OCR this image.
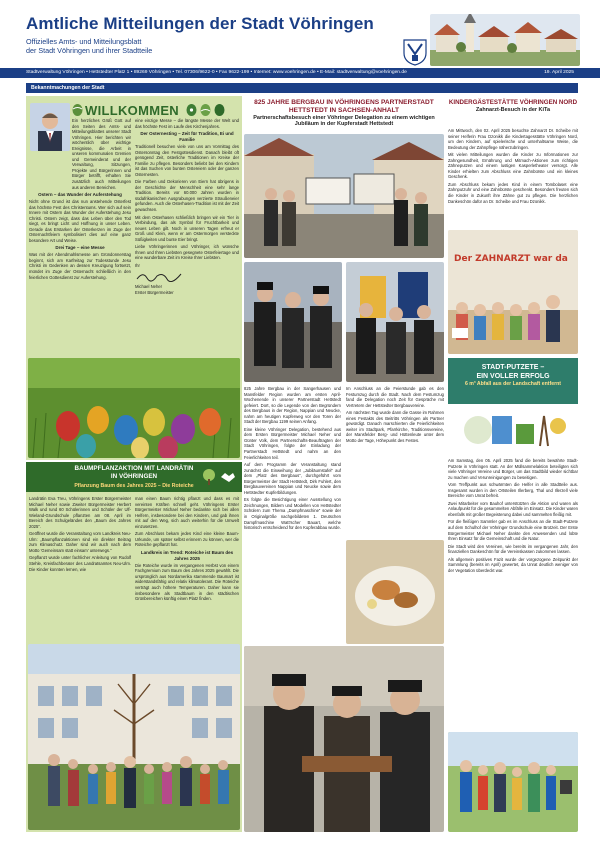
Amtliche Mitteilungen der Stadt Vöhringen
Offizielles Amts- und Mitteilungsblatt
der Stadt Vöhringen und ihrer Stadtteile
Stadtverwaltung Vöhringen • Hettstedter Platz 1 • 89269 Vöhringen • Tel. 07306/9622-0 • Fax 9622-199 • Internet: www.voehringen.de • E-Mail: stadtverwaltung@voehringen.de	19. April 2025
Bekanntmachungen der Stadt
WILLKOMMEN

Ein herzliches Grüß Gott auf den Seiten des Amts- und Mitteilungsblattes unserer Stadt Vöhringen. Hier berichten wir wöchentlich über wichtige Ereignisse, die Arbeit in unseren kommunalen Gremien und Gemeinderat und der Verwaltung, Sitzungen, Projekte und Bürgerinnen und Bürger betrifft, erhalten Sie zusätzlich auch Mitteilungen aus anderen Bereichen.

Ostern – das Wunder der Auferstehung

Nicht ohne Grund ist das nun anstehende Osterfest das höchste Fest des Christentums. Wer sich auf sein Innere mit Ostern das Wunder der Auferstehung Jesu Christi. Ostern zeigt, dass das Leben über den Tod siegt, es bringt Licht und Hoffnung in unser Leben. Gerade das Erstarken der Osterkerzen im Zuge der Osternachtfeiern symbolisiert dies auf eine ganz besondere Art und Weise.

Drei Tage – eine Messe

Was mit der Abendmahlsmesse am Gründonnerstag beginnt, sich am Karfreitag zur Todesstunde Jesu Christi im Gedenken an dessen Kreuzigung fortsetzt, mündet im Zuge der Osternacht schließlich in den feierlichen Gottesdienst zur Auferstehung.

eine einzige Messe – die längste Messe der Welt und das höchste Fest im Laufe des Kirchenjahres.

Der Osternesting – Zeit für Tradition, Ei und Familie

Traditionell besuchen viele von uns am Vormittag des Ostersonntag den Festgottesdienst. Danach bleibt oft genügend Zeit, österliche Traditionen im Kreise der Familie zu pflegen. Besonders beliebt bei den Kindern ist das Suchen von bunten Ostereiern oder der ganzen Osternesten.

Die Farben und Dekorieren von Eiern hat übrigens in der Geschichte der Menschheit eine sehr lange Tradition. Bereits vor 60.000 Jahren wurden in südafrikanischen Ausgrabungen verzierte Straußeneier gefunden. Auch die Osterhasen-Tradition ist mit der Zeit gewachsen.

Mit dem Osterhasen schließlich bringen wir ein Tier in Verbindung, das als Symbol für Fruchtbarkeit und neues Leben gilt. Noch in unseren Tagen erfreut er Groß und Klein, wenn er am Ostermorgen versteckte Süßigkeiten und bunte Eier bringt.

Liebe Vöhringerinnen und Vöhringer, ich wünsche Ihnen und Ihren Liebsten gesegnete Osterfeiertage und eine wunderbare Zeit im Kreise Ihrer Liebsten.

Ihr

Michael Neher

Erster Bürgermeister

BAUMPFLANZAKTION MIT LANDRÄTIN
IN VÖHRINGEN
Pflanzung Baum des Jahres 2025 – Die Roteiche

Landrätin Eva Treu, Vöhringens Erster Bürgermeister Michael Neher sowie Zweiter Bürgermeister Herbert Walk und rund 60 Schülerinnen und Schüler der Ulf-Wieland-Grundschule pflanzten am 08. April im Bereich des Schulgeländes den „Baum des Jahres 2025“.

Geöffnet wurde die Veranstaltung vom Landkreis Neu-Ulm: „Baumpflanzaktionen sind ein direkter Beitrag zum Klimaschutz. Daher sind wir auch nach dem Motto 'Gemeinsam statt einsam' unterwegs.“

Gepflanzt wurde unter fachlicher Anleitung von Rudolf Stehle, Kreisfachberater des Landratsamtes Neu-Ulm. Die Kinder konnten lernen, wie

man einen Baum richtig pflanzt und dass es mit vereinten Kräften schnell geht. Vöhringens Erster Bürgermeister Michael Neher bedankte sich bei allen Helfern, insbesondere bei den Kindern, und gab ihnen mit auf den Weg, sich auch weiterhin für die Umwelt einzusetzen.

Zum Abschluss bekam jedes Kind eine kleine Baum-Urkunde, um später selbst erinnern zu können, wer die Roteiche gepflanzt hat.

Landkreis im Trend: Roteiche ist Baum des Jahres 2025

Die Roteiche wurde im vergangenen Herbst von einem Fachgremium zum Baum des Jahres 2025 gewählt. Die ursprünglich aus Nordamerika stammende Baumart ist widerstandsfähig und relativ klimatolerant. Die Roteiche verträgt auch höhere Temperaturen. Daher kann sie insbesondere als Stadtbaum in den städtischen Grünbereichen künftig einen Platz finden.

825 JAHRE BERGBAU IN VÖHRINGENS PARTNERSTADT HETTSTEDT IN SACHSEN-ANHALT
Partnerschaftsbesuch einer Vöhringer Delegation zu einem wichtigen Jubiläum in der Kupferstadt Hettstedt

825 Jahre Bergbau in der Sangerhausen und Mansfelder Region wurden am ersten April-Wochenende in unserer Partnerstadt Hettstedt gefeiert. Dort, so die Legende von den Begründern des Bergbaus in der Region, Nappian und Neucke, nahm am heutigen Kupferweg vor den Toren der Stadt der Bergbau 1199 seinen Anfang.

Eine kleine Vöhringer Delegation, bestehend aus dem Ersten Bürgermeister Michael Neher und Günter Volk, dem Partnerschafts-Beauftragten der Stadt Vöhringen, folgte der Einladung der Partnerstadt Hettstedt und nahm an den Feierlichkeiten teil.

Auf dem Programm der Veranstaltung stand zunächst die Einweihung der „Jubiläumstafel“ auf dem „Platz des Bergbaus“, durchgeführt vom Bürgermeister der Stadt Hettstedt, Dirk Fuhlert, den Bergbauvereinen Nappian und Neucke sowie dem Hettstedter Kupferbildungen.

Es folgte die Besichtigung einer Ausstellung von Zeichnungen, Bildern und Modellen von Hettstedter Schülern zum Thema „Dampfmaschine“ sowie der in Originalgröße nachgebildeten 1. Deutschen Dampfmaschine Watt'scher Bauart, welche historisch entscheidend für den Kupferabbau wurde.

Im Anschluss an die Feierstunde gab es den Festumzug durch die Stadt. Nach dem Festumzug fand die Delegation noch Zeit für Gespräche mit Vertretern der Hettstedter Bergbauvereine.

Am nächsten Tag wurde dann die Gasse im Rahmen eines Festakts des Beitritts Vöhringen als Partner gewürdigt. Danach marschierten die Feierlichkeiten weiter im Stadtpark, Pfarrkirche, Traditionsvereine, der Mansfelder Berg- und Hüttenleute unter dem Motto der Tage, Höhepunkt des Festes.

KINDERGÄSTESTÄTTE VÖHRINGEN NORD
Zahnarzt-Besuch in der KiTa

Am Mittwoch, den 02. April 2025 besuchte Zahnarzt Dr. Scheibe mit seiner Helferin Frau Dzonikk die Kindertagesstätte Vöhringen Nord, um den Kindern, auf spielerische und unterhaltsame Weise, die Bedeutung der Zahnpflege näherzubringen.

Mit vielen Mitteilungen wurden die Kinder zu Informationen zur Zahngesundheit, Ernährung und Mitmach-Aktionen zum richtigen Zähneputzen und einem lustigen Kasperletheater versorgt. Alle Kinder erhielten zum Abschluss eine Zahnbürste und ein kleines Geschenk.

Zum Abschluss bekam jedes Kind in einem Tombolaset eine Zahnputzuhr und eine Zahnbürste geschenkt. Besonders freuten sich die Kinder in Zukunft ihre Zähne gut zu pflegen. Die herzlichen Dankeschön dafür an Dr. Scheibe und Frau Dzonikk.

Der ZAHNARZT war da
STADT-PUTZETE –
EIN VOLLER ERFOLG
6 m³ Abfall aus der Landschaft entfernt

Am Samstag, den 05. April 2025 fand die bereits bewährte Stadt-Putzete in Vöhringen statt. An der Müllsammelaktion beteiligten sich viele Vöhringer Vereine und Bürger, um das Stadtbild wieder sichtbar zu machen und Verunreinigungen zu beseitigen.

Vom Treffpunkt aus schwärmten die Helfer in alle Stadtteile aus. Insgesamt wurden in den Ortsteilen Illerberg, Thal und Illerzell viele Bereiche vom Unrat befreit.

Zwei Mitarbeiter vom Bauhof unterstützten die Aktion und waren als Anlaufpunkt für die gesammelten Abfälle im Einsatz. Die Kinder waren ebenfalls mit großer Begeisterung dabei und sammelten fleißig mit.

Für die fleißigen Sammler gab es im Anschluss an die Stadt-Putzete auf dem Schulhof der Vöhringer Grundschule eine Brotzeit. Der Erste Bürgermeister Michael Neher dankte den Anwesenden und lobte Ihren Einsatz für die Gemeinschaft und die Natur.

Die Stadt wird den Vereinen, wie bereits im vergangenen Jahr, den finanziellen Dankeschön für die Vereinskassen zukommen lassen.

Als allgemein positives Fazit wurde der vorgezogene Zeitpunkt der Sammlung (bereits im April) gewertet, da Unrat deutlich weniger von der Vegetation überdeckt war.
